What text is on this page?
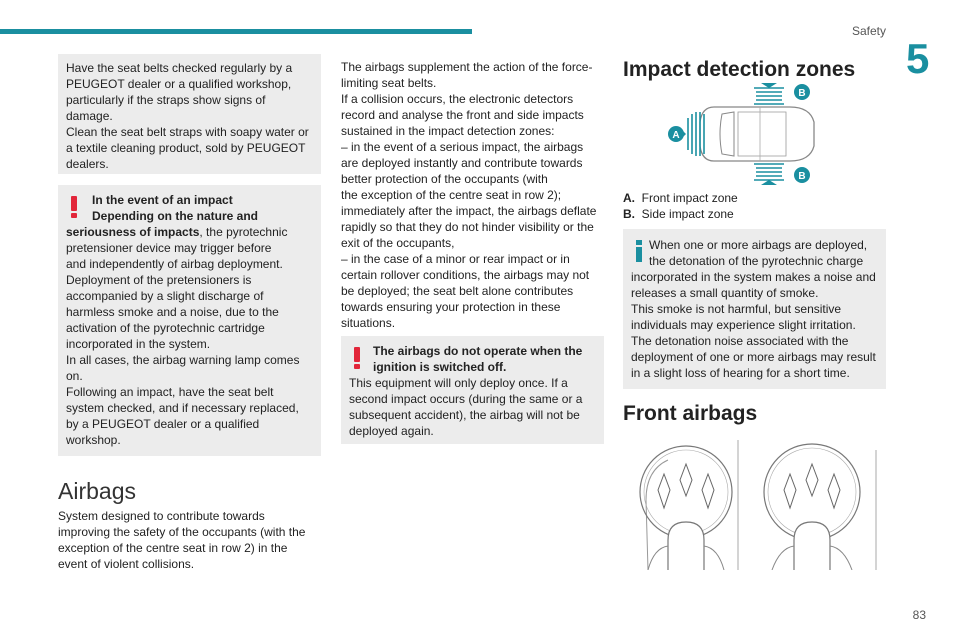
Safety
5
83

Have the seat belts checked regularly by a

PEUGEOT dealer or a qualified workshop,

particularly if the straps show signs of

damage.

Clean the seat belt straps with soapy water or

a textile cleaning product, sold by PEUGEOT

dealers.

In the event of an impact

Depending on the nature and

seriousness of impacts, the pyrotechnic

pretensioner device may trigger before

and independently of airbag deployment.

Deployment of the pretensioners is

accompanied by a slight discharge of

harmless smoke and a noise, due to the

activation of the pyrotechnic cartridge

incorporated in the system.

In all cases, the airbag warning lamp comes

on.

Following an impact, have the seat belt

system checked, and if necessary replaced,

by a PEUGEOT dealer or a qualified

workshop.

Airbags

System designed to contribute towards

improving the safety of the occupants (with the

exception of the centre seat in row 2) in the

event of violent collisions.

The airbags supplement the action of the force-

limiting seat belts.

If a collision occurs, the electronic detectors

record and analyse the front and side impacts

sustained in the impact detection zones:

– in the event of a serious impact, the airbags

are deployed instantly and contribute towards

better protection of the occupants (with

the exception of the centre seat in row 2);

immediately after the impact, the airbags deflate

rapidly so that they do not hinder visibility or the

exit of the occupants,

– in the case of a minor or rear impact or in

certain rollover conditions, the airbags may not

be deployed; the seat belt alone contributes

towards ensuring your protection in these

situations.

The airbags do not operate when the

ignition is switched off.

This equipment will only deploy once. If a

second impact occurs (during the same or a

subsequent accident), the airbag will not be

deployed again.

Impact detection zones
A
B
B
A. Front impact zone
B. Side impact zone

When one or more airbags are deployed,

the detonation of the pyrotechnic charge

incorporated in the system makes a noise and

releases a small quantity of smoke.

This smoke is not harmful, but sensitive

individuals may experience slight irritation.

The detonation noise associated with the

deployment of one or more airbags may result

in a slight loss of hearing for a short time.

Front airbags
